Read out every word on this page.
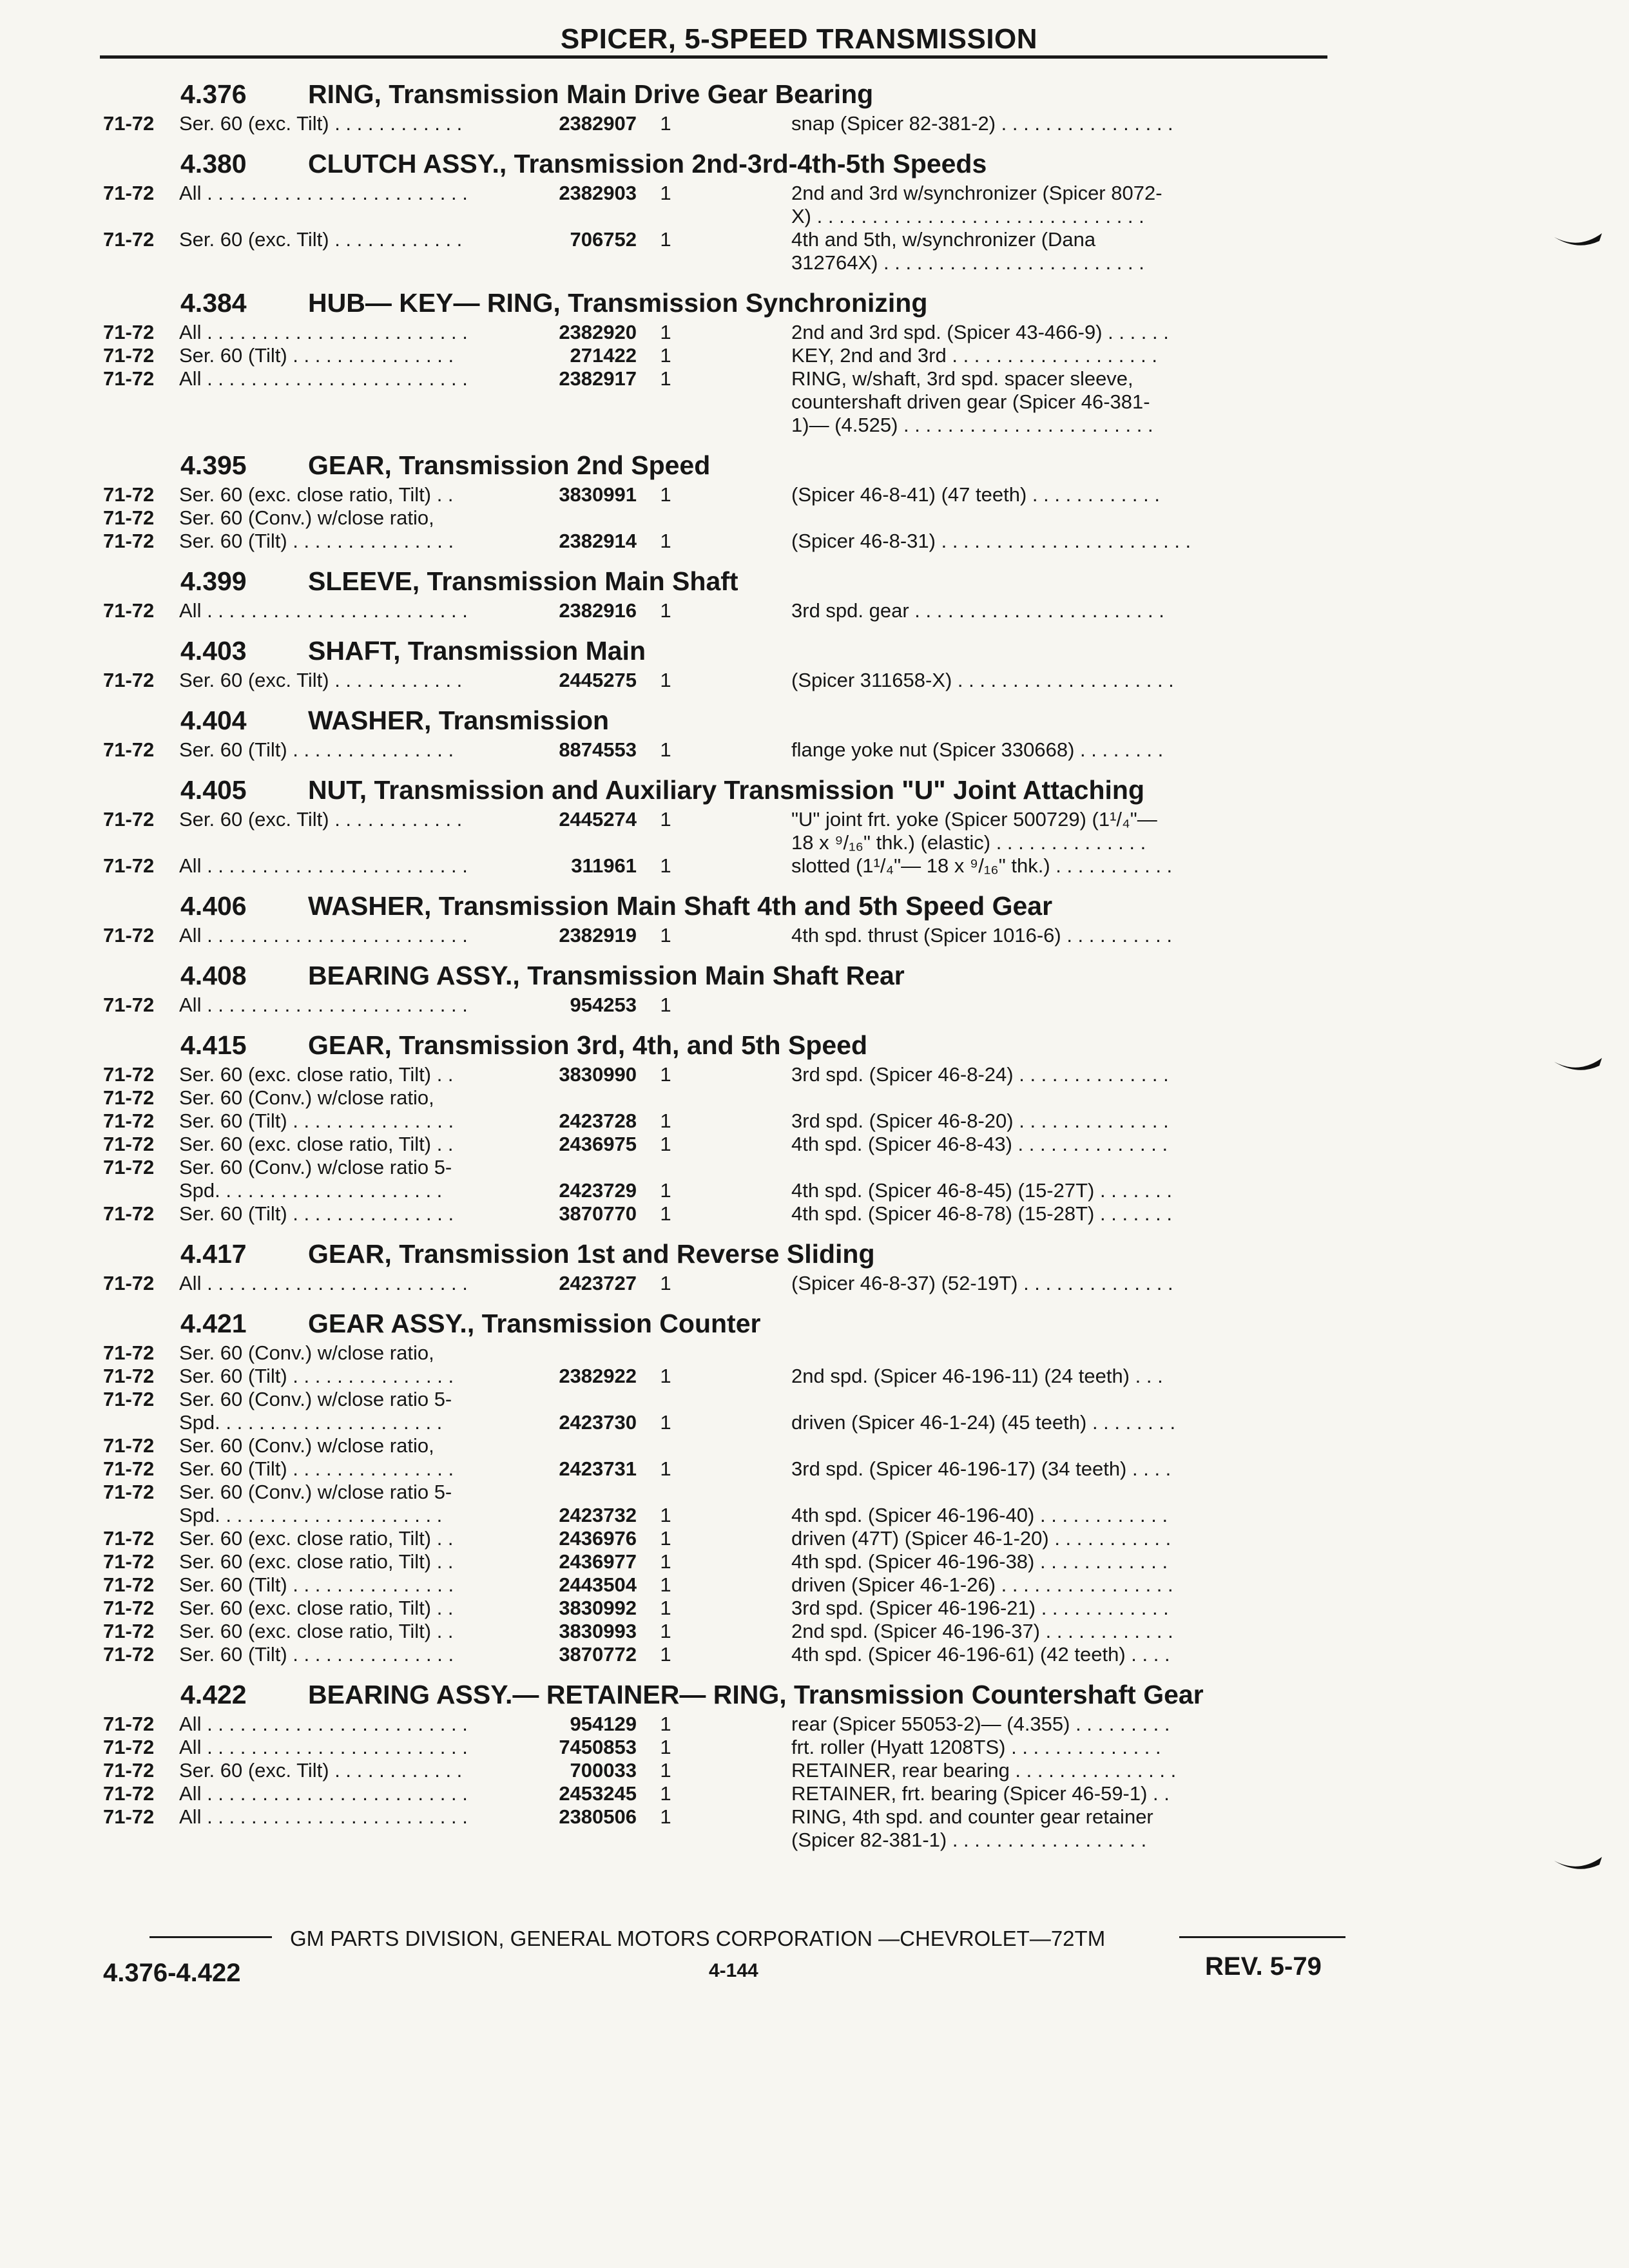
SPICER, 5-SPEED TRANSMISSION
4.376 RING, Transmission Main Drive Gear Bearing
71-72	Ser. 60 (exc. Tilt) . . . . . . . . . . . .	2382907	1	snap (Spicer 82-381-2) . . . . . . . . . . . . . . . .
4.380 CLUTCH ASSY., Transmission 2nd-3rd-4th-5th Speeds
71-72	All . . . . . . . . . . . . . . . . . . . . . . . .	2382903	1	2nd and 3rd w/synchronizer (Spicer 8072-
X) . . . . . . . . . . . . . . . . . . . . . . . . . . . . . .
71-72	Ser. 60 (exc. Tilt) . . . . . . . . . . . .	706752	1	4th and 5th, w/synchronizer (Dana
312764X) . . . . . . . . . . . . . . . . . . . . . . . .
4.384 HUB— KEY— RING, Transmission Synchronizing
71-72	All . . . . . . . . . . . . . . . . . . . . . . . .	2382920	1	2nd and 3rd spd. (Spicer 43-466-9) . . . . . .
71-72	Ser. 60 (Tilt) . . . . . . . . . . . . . . .	271422	1	KEY, 2nd and 3rd . . . . . . . . . . . . . . . . . . .
71-72	All . . . . . . . . . . . . . . . . . . . . . . . .	2382917	1	RING, w/shaft, 3rd spd. spacer sleeve,
countershaft driven gear (Spicer 46-381-
1)— (4.525) . . . . . . . . . . . . . . . . . . . . . . .
4.395 GEAR, Transmission 2nd Speed
71-72	Ser. 60 (exc. close ratio, Tilt) . .	3830991	1	(Spicer 46-8-41) (47 teeth) . . . . . . . . . . . .
71-72	Ser. 60 (Conv.) w/close ratio,
71-72	Ser. 60 (Tilt) . . . . . . . . . . . . . . .	2382914	1	(Spicer 46-8-31) . . . . . . . . . . . . . . . . . . . . . . .
4.399 SLEEVE, Transmission Main Shaft
71-72	All . . . . . . . . . . . . . . . . . . . . . . . .	2382916	1	3rd spd. gear . . . . . . . . . . . . . . . . . . . . . . .
4.403 SHAFT, Transmission Main
71-72	Ser. 60 (exc. Tilt) . . . . . . . . . . . .	2445275	1	(Spicer 311658-X) . . . . . . . . . . . . . . . . . . . .
4.404 WASHER, Transmission
71-72	Ser. 60 (Tilt) . . . . . . . . . . . . . . .	8874553	1	flange yoke nut (Spicer 330668) . . . . . . . .
4.405 NUT, Transmission and Auxiliary Transmission "U" Joint Attaching
71-72	Ser. 60 (exc. Tilt) . . . . . . . . . . . .	2445274	1	"U" joint frt. yoke (Spicer 500729) (1¹/₄"—
18 x ⁹/₁₆" thk.) (elastic) . . . . . . . . . . . . . .
71-72	All . . . . . . . . . . . . . . . . . . . . . . . .	311961	1	slotted (1¹/₄"— 18 x ⁹/₁₆" thk.) . . . . . . . . . . .
4.406 WASHER, Transmission Main Shaft 4th and 5th Speed Gear
71-72	All . . . . . . . . . . . . . . . . . . . . . . . .	2382919	1	4th spd. thrust (Spicer 1016-6) . . . . . . . . . .
4.408 BEARING ASSY., Transmission Main Shaft Rear
71-72	All . . . . . . . . . . . . . . . . . . . . . . . .	954253	1
4.415 GEAR, Transmission 3rd, 4th, and 5th Speed
71-72	Ser. 60 (exc. close ratio, Tilt) . .	3830990	1	3rd spd. (Spicer 46-8-24) . . . . . . . . . . . . . .
71-72	Ser. 60 (Conv.) w/close ratio,
71-72	Ser. 60 (Tilt) . . . . . . . . . . . . . . .	2423728	1	3rd spd. (Spicer 46-8-20) . . . . . . . . . . . . . .
71-72	Ser. 60 (exc. close ratio, Tilt) . .	2436975	1	4th spd. (Spicer 46-8-43) . . . . . . . . . . . . . .
71-72	Ser. 60 (Conv.) w/close ratio 5-
Spd. . . . . . . . . . . . . . . . . . . . .	2423729	1	4th spd. (Spicer 46-8-45) (15-27T) . . . . . . .
71-72	Ser. 60 (Tilt) . . . . . . . . . . . . . . .	3870770	1	4th spd. (Spicer 46-8-78) (15-28T) . . . . . . .
4.417 GEAR, Transmission 1st and Reverse Sliding
71-72	All . . . . . . . . . . . . . . . . . . . . . . . .	2423727	1	(Spicer 46-8-37) (52-19T) . . . . . . . . . . . . . .
4.421 GEAR ASSY., Transmission Counter
71-72	Ser. 60 (Conv.) w/close ratio,
71-72	Ser. 60 (Tilt) . . . . . . . . . . . . . . .	2382922	1	2nd spd. (Spicer 46-196-11) (24 teeth) . . .
71-72	Ser. 60 (Conv.) w/close ratio 5-
Spd. . . . . . . . . . . . . . . . . . . . .	2423730	1	driven (Spicer 46-1-24) (45 teeth) . . . . . . . .
71-72	Ser. 60 (Conv.) w/close ratio,
71-72	Ser. 60 (Tilt) . . . . . . . . . . . . . . .	2423731	1	3rd spd. (Spicer 46-196-17) (34 teeth) . . . .
71-72	Ser. 60 (Conv.) w/close ratio 5-
Spd. . . . . . . . . . . . . . . . . . . . .	2423732	1	4th spd. (Spicer 46-196-40) . . . . . . . . . . . .
71-72	Ser. 60 (exc. close ratio, Tilt) . .	2436976	1	driven (47T) (Spicer 46-1-20) . . . . . . . . . . .
71-72	Ser. 60 (exc. close ratio, Tilt) . .	2436977	1	4th spd. (Spicer 46-196-38) . . . . . . . . . . . .
71-72	Ser. 60 (Tilt) . . . . . . . . . . . . . . .	2443504	1	driven (Spicer 46-1-26) . . . . . . . . . . . . . . . .
71-72	Ser. 60 (exc. close ratio, Tilt) . .	3830992	1	3rd spd. (Spicer 46-196-21) . . . . . . . . . . . .
71-72	Ser. 60 (exc. close ratio, Tilt) . .	3830993	1	2nd spd. (Spicer 46-196-37) . . . . . . . . . . . .
71-72	Ser. 60 (Tilt) . . . . . . . . . . . . . . .	3870772	1	4th spd. (Spicer 46-196-61) (42 teeth) . . . .
4.422 BEARING ASSY.— RETAINER— RING, Transmission Countershaft Gear
71-72	All . . . . . . . . . . . . . . . . . . . . . . . .	954129	1	rear (Spicer 55053-2)— (4.355) . . . . . . . . .
71-72	All . . . . . . . . . . . . . . . . . . . . . . . .	7450853	1	frt. roller (Hyatt 1208TS) . . . . . . . . . . . . . .
71-72	Ser. 60 (exc. Tilt) . . . . . . . . . . . .	700033	1	RETAINER, rear bearing . . . . . . . . . . . . . . .
71-72	All . . . . . . . . . . . . . . . . . . . . . . . .	2453245	1	RETAINER, frt. bearing (Spicer 46-59-1) . .
71-72	All . . . . . . . . . . . . . . . . . . . . . . . .	2380506	1	RING, 4th spd. and counter gear retainer
(Spicer 82-381-1) . . . . . . . . . . . . . . . . . .
GM PARTS DIVISION, GENERAL MOTORS CORPORATION —CHEVROLET—72TM
4.376-4.422	4-144	REV. 5-79
